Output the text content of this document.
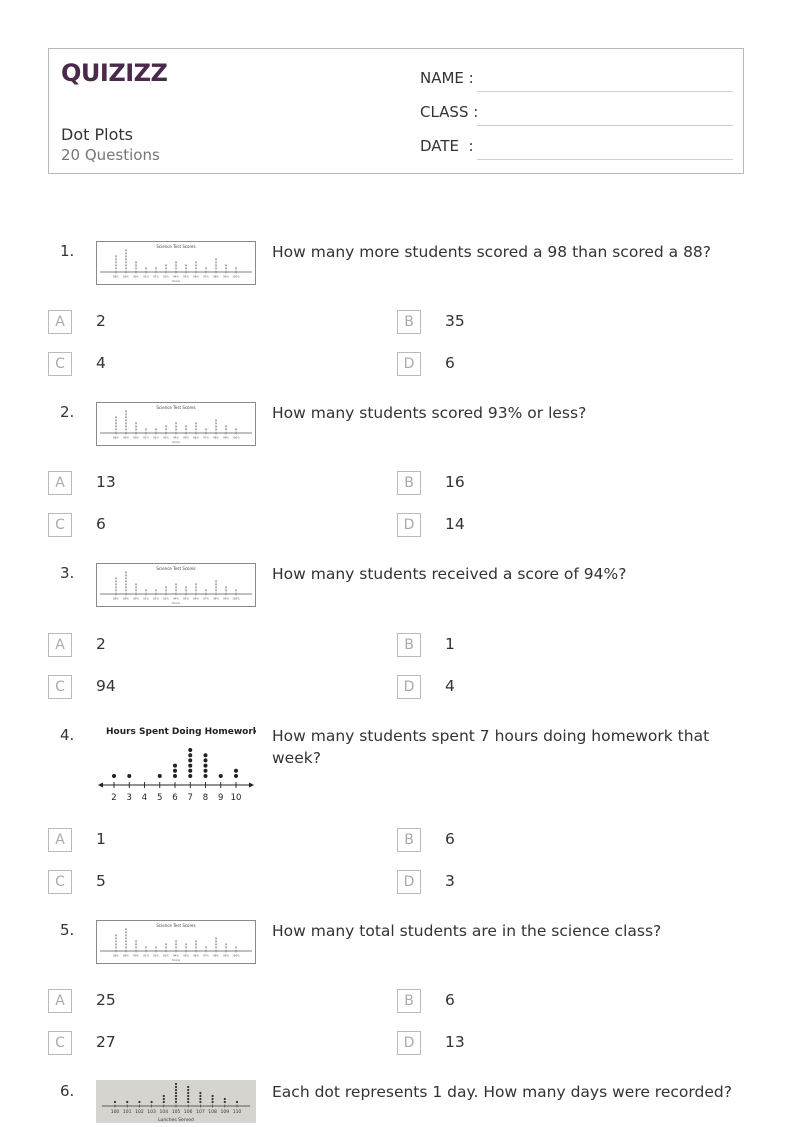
QUIZIZZ
Dot Plots
20 Questions
NAME :
CLASS :
DATE  :
1.	Science Test Scores
×
×
×
×
×
88%
×
×
×
×
×
×
×
89%
×
×
×
90%
×
91%
×
92%
×
×
93%
×
×
×
94%
×
×
95%
×
×
×
96%
×
97%
×
×
×
×
98%
×
×
99%
×
100%
Score
How many more students scored a 98 than scored a 88?
A	2	B	35
C	4	D	6
2.	Science Test Scores
×
×
×
×
×
88%
×
×
×
×
×
×
×
89%
×
×
×
90%
×
91%
×
92%
×
×
93%
×
×
×
94%
×
×
95%
×
×
×
96%
×
97%
×
×
×
×
98%
×
×
99%
×
100%
Score
How many students scored 93% or less?
A	13	B	16
C	6	D	14
3.	Science Test Scores
×
×
×
×
×
88%
×
×
×
×
×
×
×
89%
×
×
×
90%
×
91%
×
92%
×
×
93%
×
×
×
94%
×
×
95%
×
×
×
96%
×
97%
×
×
×
×
98%
×
×
99%
×
100%
Score
How many students received a score of 94%?
A	2	B	1
C	94	D	4
4.	Hours Spent Doing Homework
2 3 4 5 6 7 8 9 10
How many students spent 7 hours doing homework that week?
A	1	B	6
C	5	D	3
5.	Science Test Scores
×
×
×
×
×
88%
×
×
×
×
×
×
×
89%
×
×
×
90%
×
91%
×
92%
×
×
93%
×
×
×
94%
×
×
95%
×
×
×
96%
×
97%
×
×
×
×
98%
×
×
99%
×
100%
Score
How many total students are in the science class?
A	25	B	6
C	27	D	13
6.
100 101 102 103 104 105 106 107 108 109 110
Lunches Served
Each dot represents 1 day. How many days were recorded?
